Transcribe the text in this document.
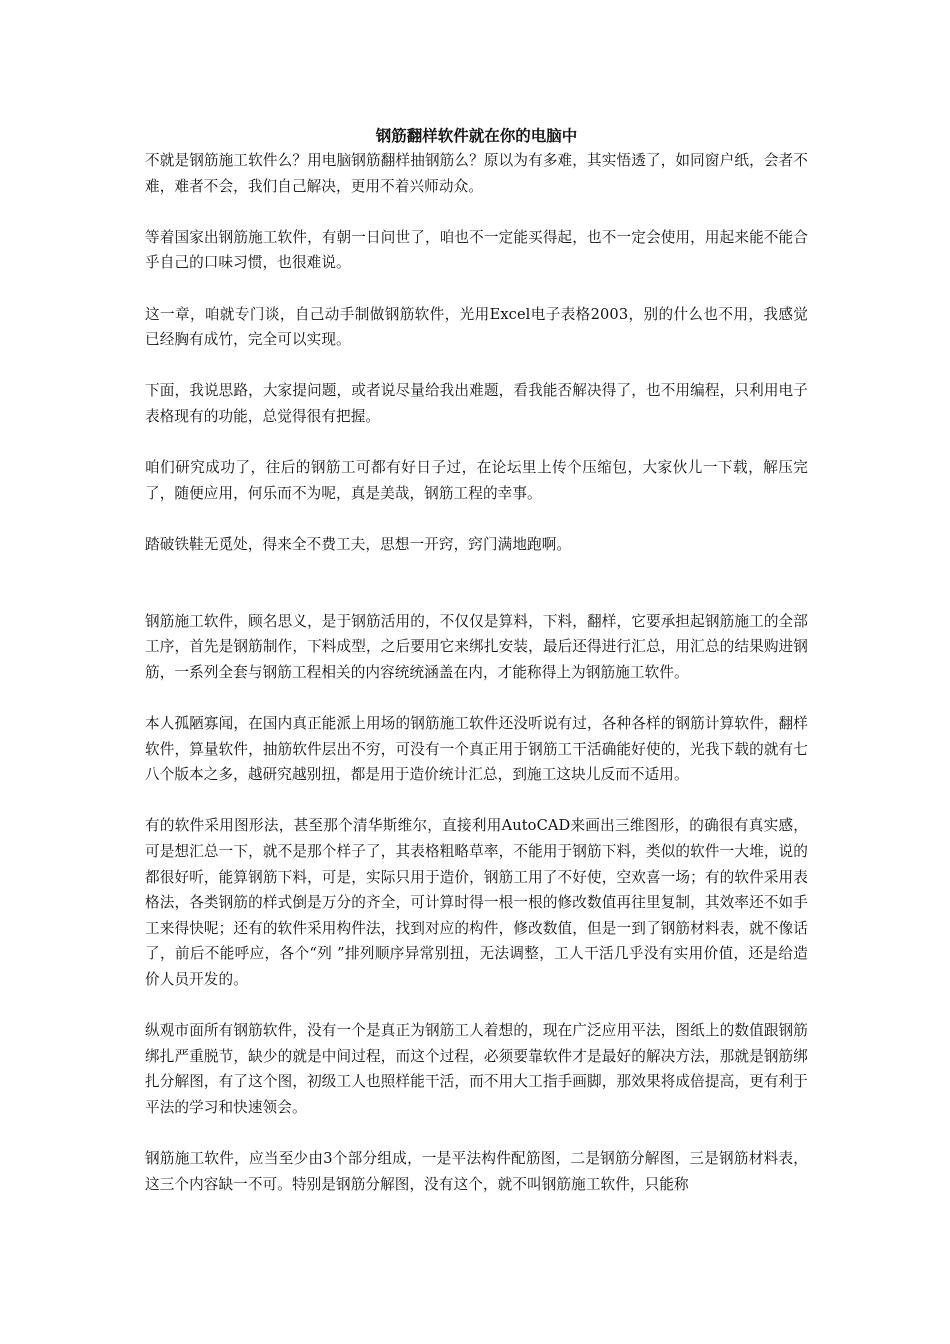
钢筋翻样软件就在你的电脑中

不就是钢筋施工软件么？用电脑钢筋翻样抽钢筋么？原以为有多难，其实悟透了，如同窗户纸，会者不难，难者不会，我们自己解决，更用不着兴师动众。

等着国家出钢筋施工软件，有朝一日问世了，咱也不一定能买得起，也不一定会使用，用起来能不能合乎自己的口味习惯，也很难说。

这一章，咱就专门谈，自己动手制做钢筋软件，光用Excel电子表格2003，别的什么也不用，我感觉已经胸有成竹，完全可以实现。

下面，我说思路，大家提问题，或者说尽量给我出难题，看我能否解决得了，也不用编程，只利用电子表格现有的功能，总觉得很有把握。

咱们研究成功了，往后的钢筋工可都有好日子过，在论坛里上传个压缩包，大家伙儿一下载，解压完了，随便应用，何乐而不为呢，真是美哉，钢筋工程的幸事。

踏破铁鞋无觅处，得来全不费工夫，思想一开窍，窍门满地跑啊。

钢筋施工软件，顾名思义，是于钢筋活用的，不仅仅是算料，下料，翻样，它要承担起钢筋施工的全部工序，首先是钢筋制作，下料成型，之后要用它来绑扎安装，最后还得进行汇总，用汇总的结果购进钢筋，一系列全套与钢筋工程相关的内容统统涵盖在内，才能称得上为钢筋施工软件。

本人孤陋寡闻，在国内真正能派上用场的钢筋施工软件还没听说有过，各种各样的钢筋计算软件，翻样软件，算量软件，抽筋软件层出不穷，可没有一个真正用于钢筋工干活确能好使的，光我下载的就有七八个版本之多，越研究越别扭，都是用于造价统计汇总，到施工这块儿反而不适用。

有的软件采用图形法，甚至那个清华斯维尔，直接利用AutoCAD来画出三维图形，的确很有真实感，可是想汇总一下，就不是那个样子了，其表格粗略草率，不能用于钢筋下料，类似的软件一大堆，说的都很好听，能算钢筋下料，可是，实际只用于造价，钢筋工用了不好使，空欢喜一场；有的软件采用表格法，各类钢筋的样式倒是万分的齐全，可计算时得一根一根的修改数值再往里复制，其效率还不如手工来得快呢；还有的软件采用构件法，找到对应的构件，修改数值，但是一到了钢筋材料表，就不像话了，前后不能呼应，各个“列 ”排列顺序异常别扭，无法调整，工人干活几乎没有实用价值，还是给造价人员开发的。

纵观市面所有钢筋软件，没有一个是真正为钢筋工人着想的，现在广泛应用平法，图纸上的数值跟钢筋绑扎严重脱节，缺少的就是中间过程，而这个过程，必须要靠软件才是最好的解决方法，那就是钢筋绑扎分解图，有了这个图，初级工人也照样能干活，而不用大工指手画脚，那效果将成倍提高，更有利于平法的学习和快速领会。

钢筋施工软件，应当至少由3个部分组成，一是平法构件配筋图，二是钢筋分解图，三是钢筋材料表，这三个内容缺一不可。特别是钢筋分解图，没有这个，就不叫钢筋施工软件，只能称
